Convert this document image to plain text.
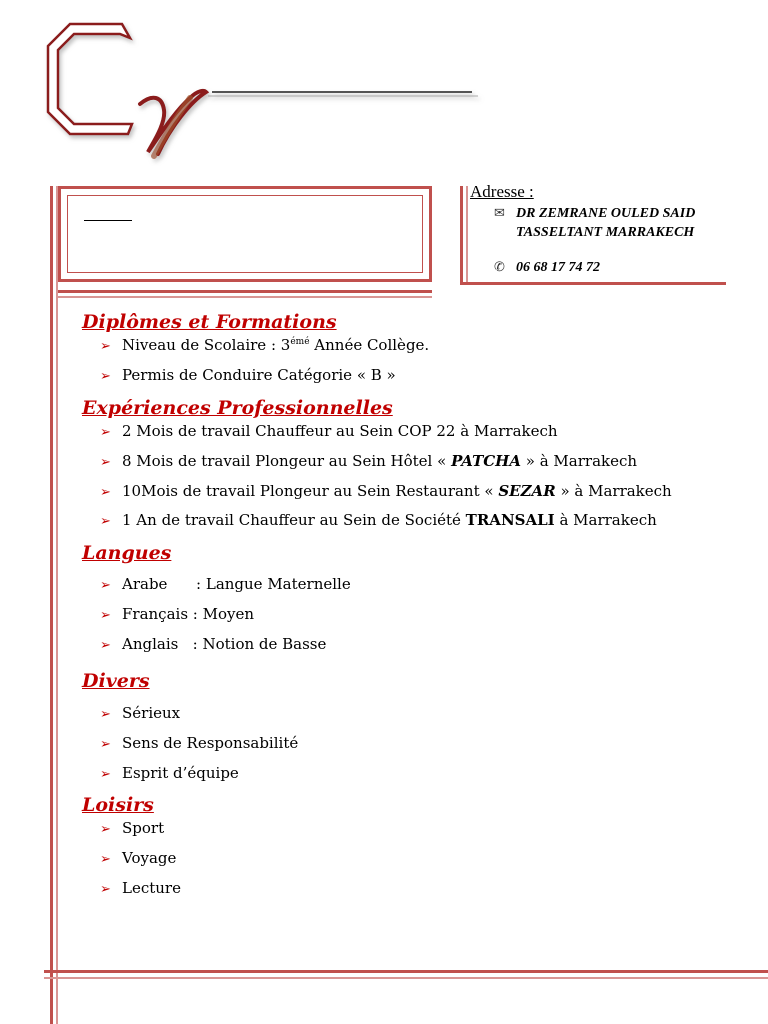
Cv
Adresse :
✉ DR ZEMRANE OULED SAID
TASSELTANT MARRAKECH
✆ 06 68 17 74 72
Diplômes et Formations
➢ Niveau de Scolaire : $3^{émé}$ Année Collège.
➢ Permis de Conduire Catégorie « B »
Expériences Professionnelles
➢ 2 Mois de travail Chauffeur au Sein COP 22 à Marrakech
➢ 8 Mois de travail Plongeur au Sein Hôtel « PATCHA » à Marrakech
➢ 10Mois de travail Plongeur au Sein Restaurant « SEZAR » à Marrakech
➢ 1 An de travail Chauffeur au Sein de Société TRANSALI à Marrakech
Langues
➢ Arabe      : Langue Maternelle
➢ Français : Moyen
➢ Anglais   : Notion de Basse
Divers
➢ Sérieux
➢ Sens de Responsabilité
➢ Esprit d’équipe
Loisirs
➢ Sport
➢ Voyage
➢ Lecture
